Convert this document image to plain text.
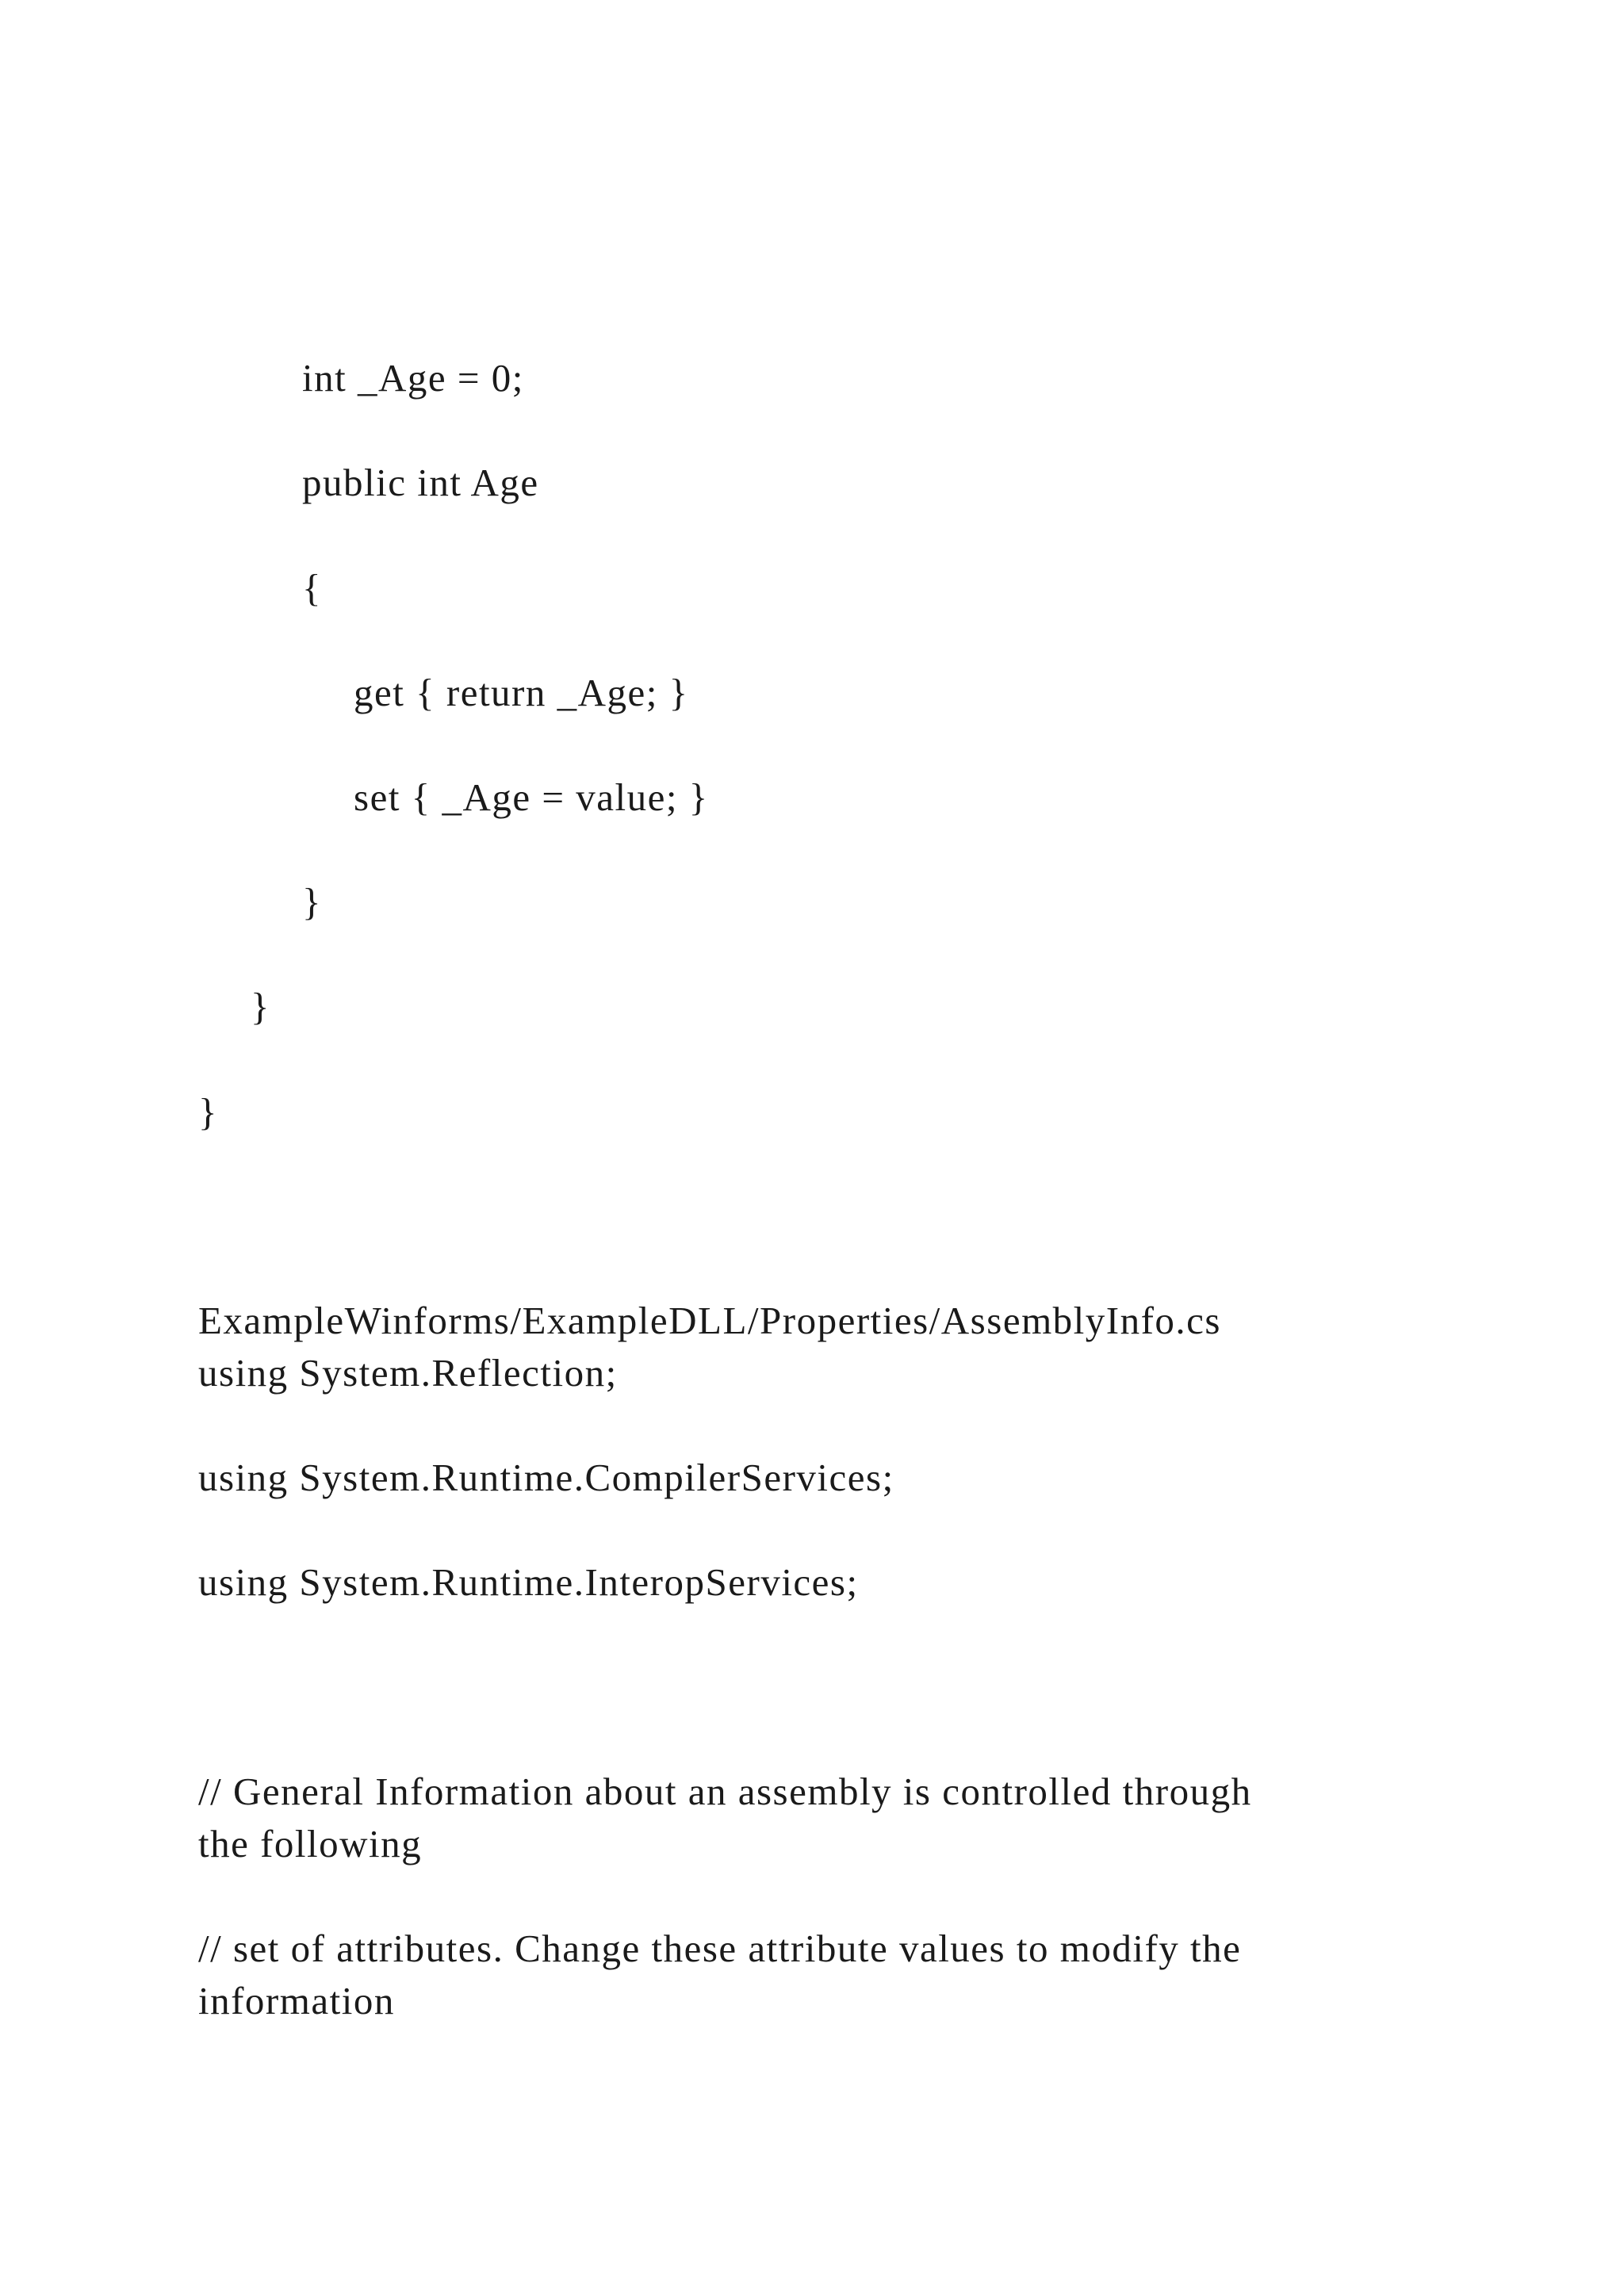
int _Age = 0;
public int Age
{
get { return _Age; }
set { _Age = value; }
}
}
}
ExampleWinforms/ExampleDLL/Properties/AssemblyInfo.cs
using System.Reflection;
using System.Runtime.CompilerServices;
using System.Runtime.InteropServices;
// General Information about an assembly is controlled through
the following
// set of attributes. Change these attribute values to modify the
information
